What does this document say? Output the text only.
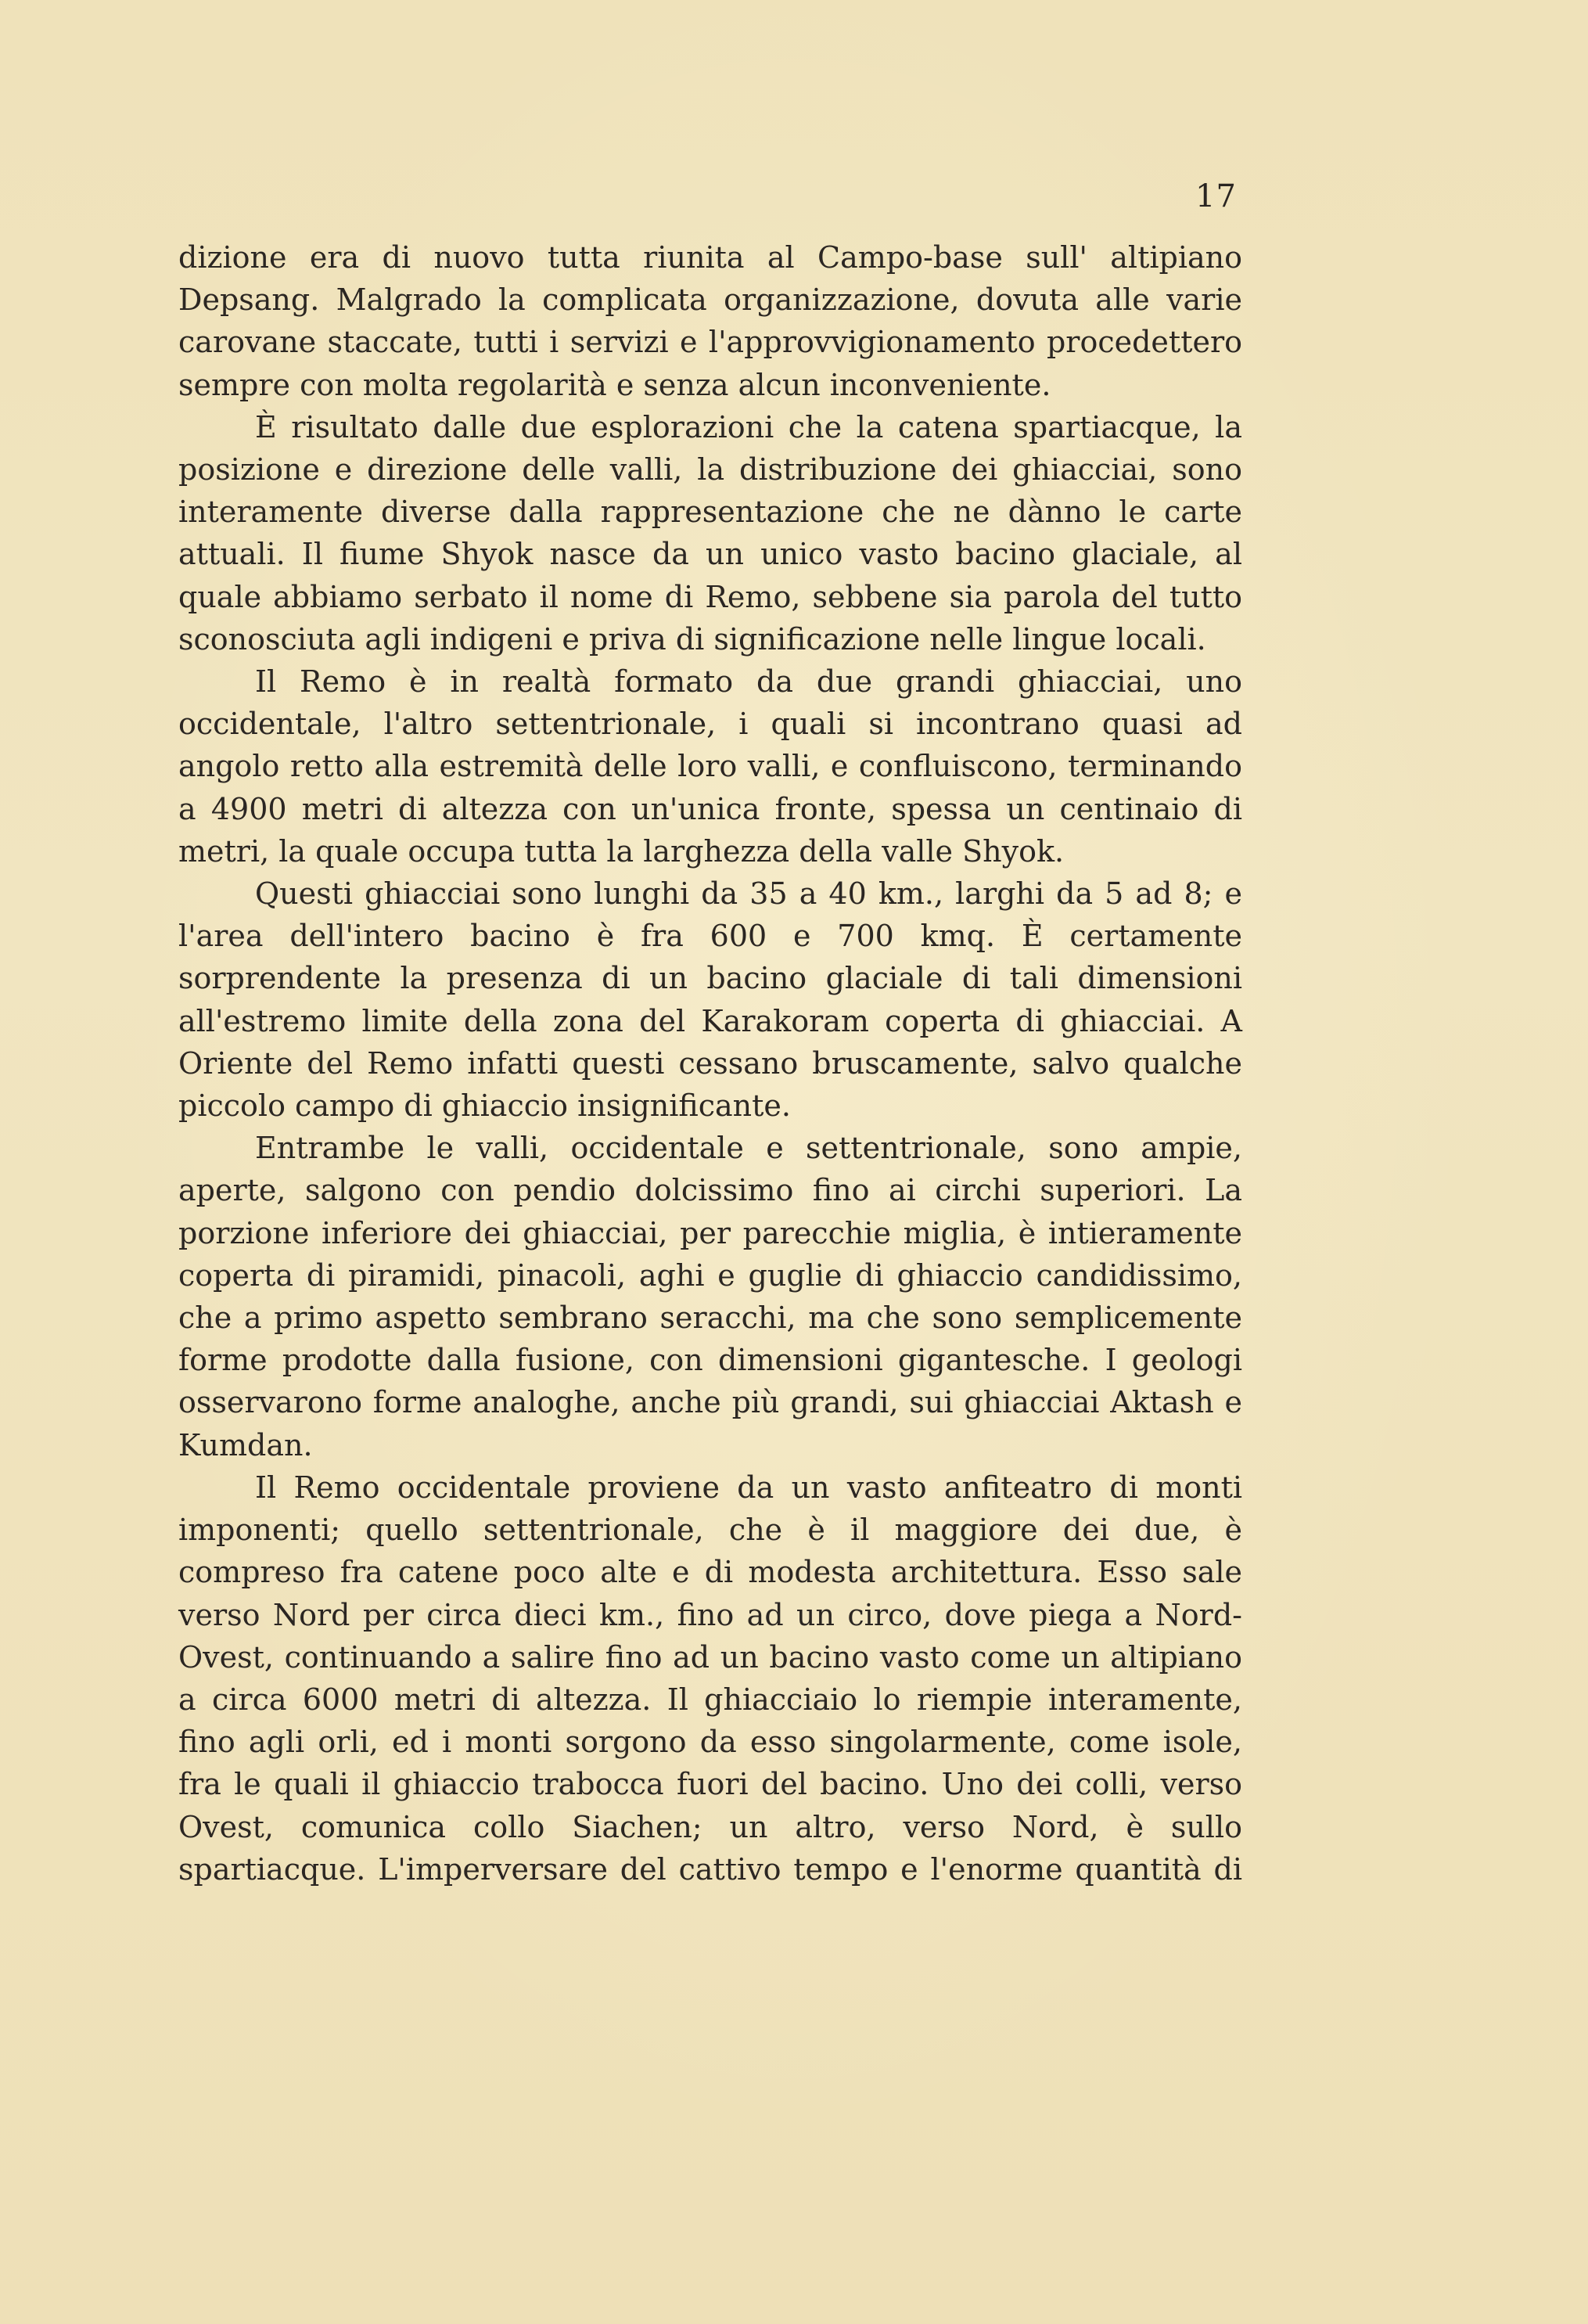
17

dizione era di nuovo tutta riunita al Campo-base sull' altipiano Depsang. Malgrado la complicata organizzazione, dovuta alle varie carovane staccate, tutti i servizi e l'approvvigionamento procedettero sempre con molta regolarità e senza alcun inconveniente.

È risultato dalle due esplorazioni che la catena spartiacque, la posizione e direzione delle valli, la distribuzione dei ghiacciai, sono interamente diverse dalla rappresentazione che ne dànno le carte attuali. Il fiume Shyok nasce da un unico vasto bacino glaciale, al quale abbiamo serbato il nome di Remo, sebbene sia parola del tutto sconosciuta agli indigeni e priva di significazione nelle lingue locali.

Il Remo è in realtà formato da due grandi ghiacciai, uno occidentale, l'altro settentrionale, i quali si incontrano quasi ad angolo retto alla estremità delle loro valli, e confluiscono, terminando a 4900 metri di altezza con un'unica fronte, spessa un centinaio di metri, la quale occupa tutta la larghezza della valle Shyok.

Questi ghiacciai sono lunghi da 35 a 40 km., larghi da 5 ad 8; e l'area dell'intero bacino è fra 600 e 700 kmq. È certamente sorprendente la presenza di un bacino glaciale di tali dimensioni all'estremo limite della zona del Karakoram coperta di ghiacciai. A Oriente del Remo infatti questi cessano bruscamente, salvo qualche piccolo campo di ghiaccio insignificante.

Entrambe le valli, occidentale e settentrionale, sono ampie, aperte, salgono con pendio dolcissimo fino ai circhi superiori. La porzione inferiore dei ghiacciai, per parecchie miglia, è intieramente coperta di piramidi, pinacoli, aghi e guglie di ghiaccio candidissimo, che a primo aspetto sembrano seracchi, ma che sono semplicemente forme prodotte dalla fusione, con dimensioni gigantesche. I geologi osservarono forme analoghe, anche più grandi, sui ghiacciai Aktash e Kumdan.

Il Remo occidentale proviene da un vasto anfiteatro di monti imponenti; quello settentrionale, che è il maggiore dei due, è compreso fra catene poco alte e di modesta architettura. Esso sale verso Nord per circa dieci km., fino ad un circo, dove piega a Nord-Ovest, continuando a salire fino ad un bacino vasto come un altipiano a circa 6000 metri di altezza. Il ghiacciaio lo riempie interamente, fino agli orli, ed i monti sorgono da esso singolarmente, come isole, fra le quali il ghiaccio trabocca fuori del bacino. Uno dei colli, verso Ovest, comunica collo Siachen; un altro, verso Nord, è sullo spartiacque. L'imperversare del cattivo tempo e l'enorme quantità di
